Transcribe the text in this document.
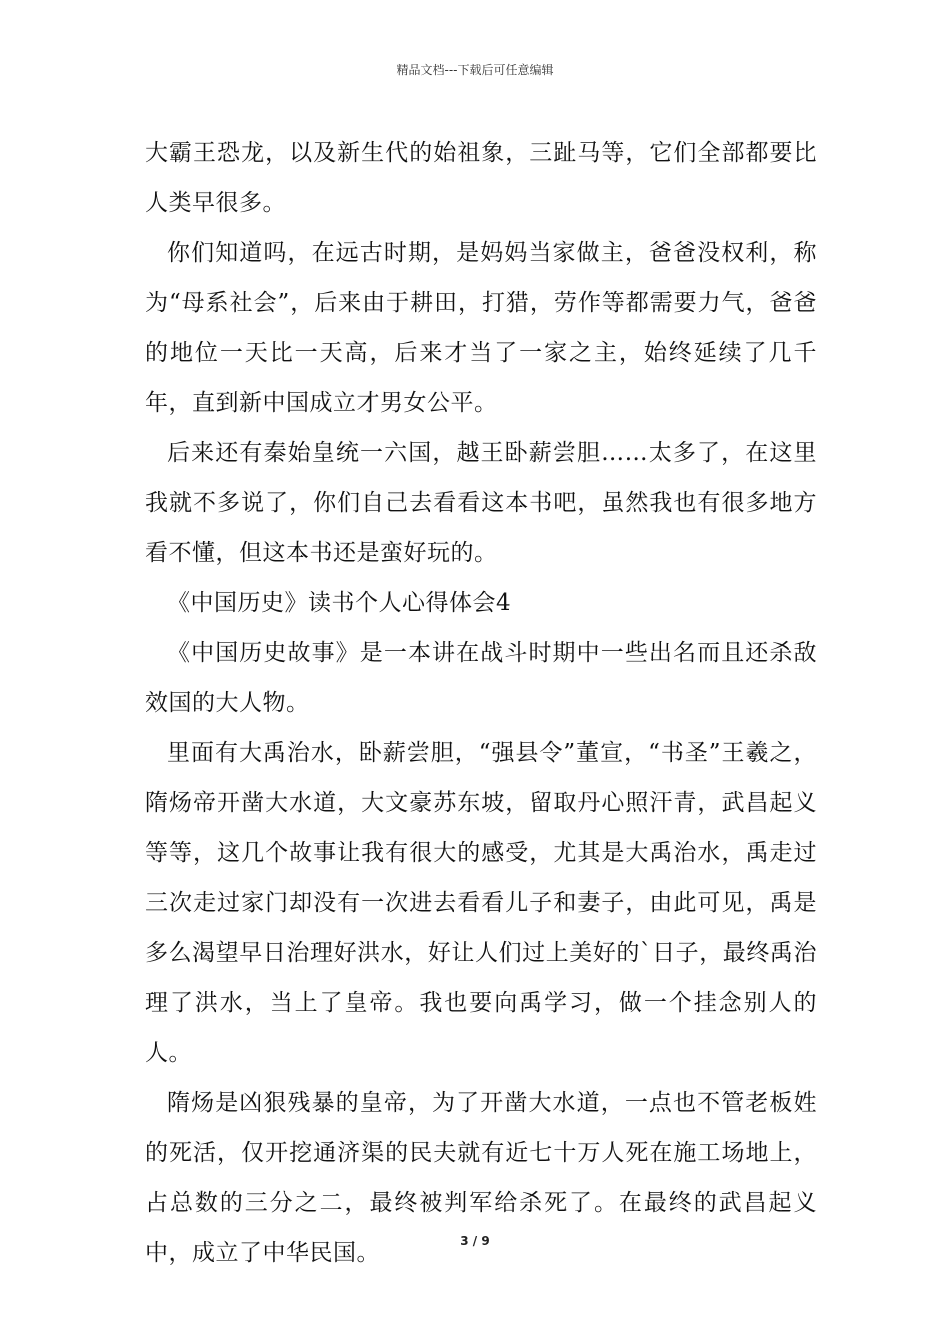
精品文档---下载后可任意编辑

大霸王恐龙，以及新生代的始祖象，三趾马等，它们全部都要比人类早很多。

你们知道吗，在远古时期，是妈妈当家做主，爸爸没权利，称为“母系社会”，后来由于耕田，打猎，劳作等都需要力气，爸爸的地位一天比一天高，后来才当了一家之主，始终延续了几千年，直到新中国成立才男女公平。

后来还有秦始皇统一六国，越王卧薪尝胆……太多了，在这里我就不多说了，你们自己去看看这本书吧，虽然我也有很多地方看不懂，但这本书还是蛮好玩的。

《中国历史》读书个人心得体会4

《中国历史故事》是一本讲在战斗时期中一些出名而且还杀敌效国的大人物。

里面有大禹治水，卧薪尝胆，“强县令”董宣，“书圣”王羲之，隋炀帝开凿大水道，大文豪苏东坡，留取丹心照汗青，武昌起义等等，这几个故事让我有很大的感受，尤其是大禹治水，禹走过三次走过家门却没有一次进去看看儿子和妻子，由此可见，禹是多么渴望早日治理好洪水，好让人们过上美好的`日子，最终禹治理了洪水，当上了皇帝。我也要向禹学习，做一个挂念别人的人。

隋炀是凶狠残暴的皇帝，为了开凿大水道，一点也不管老板姓的死活，仅开挖通济渠的民夫就有近七十万人死在施工场地上，占总数的三分之二，最终被判军给杀死了。在最终的武昌起义中，成立了中华民国。	3 / 9
